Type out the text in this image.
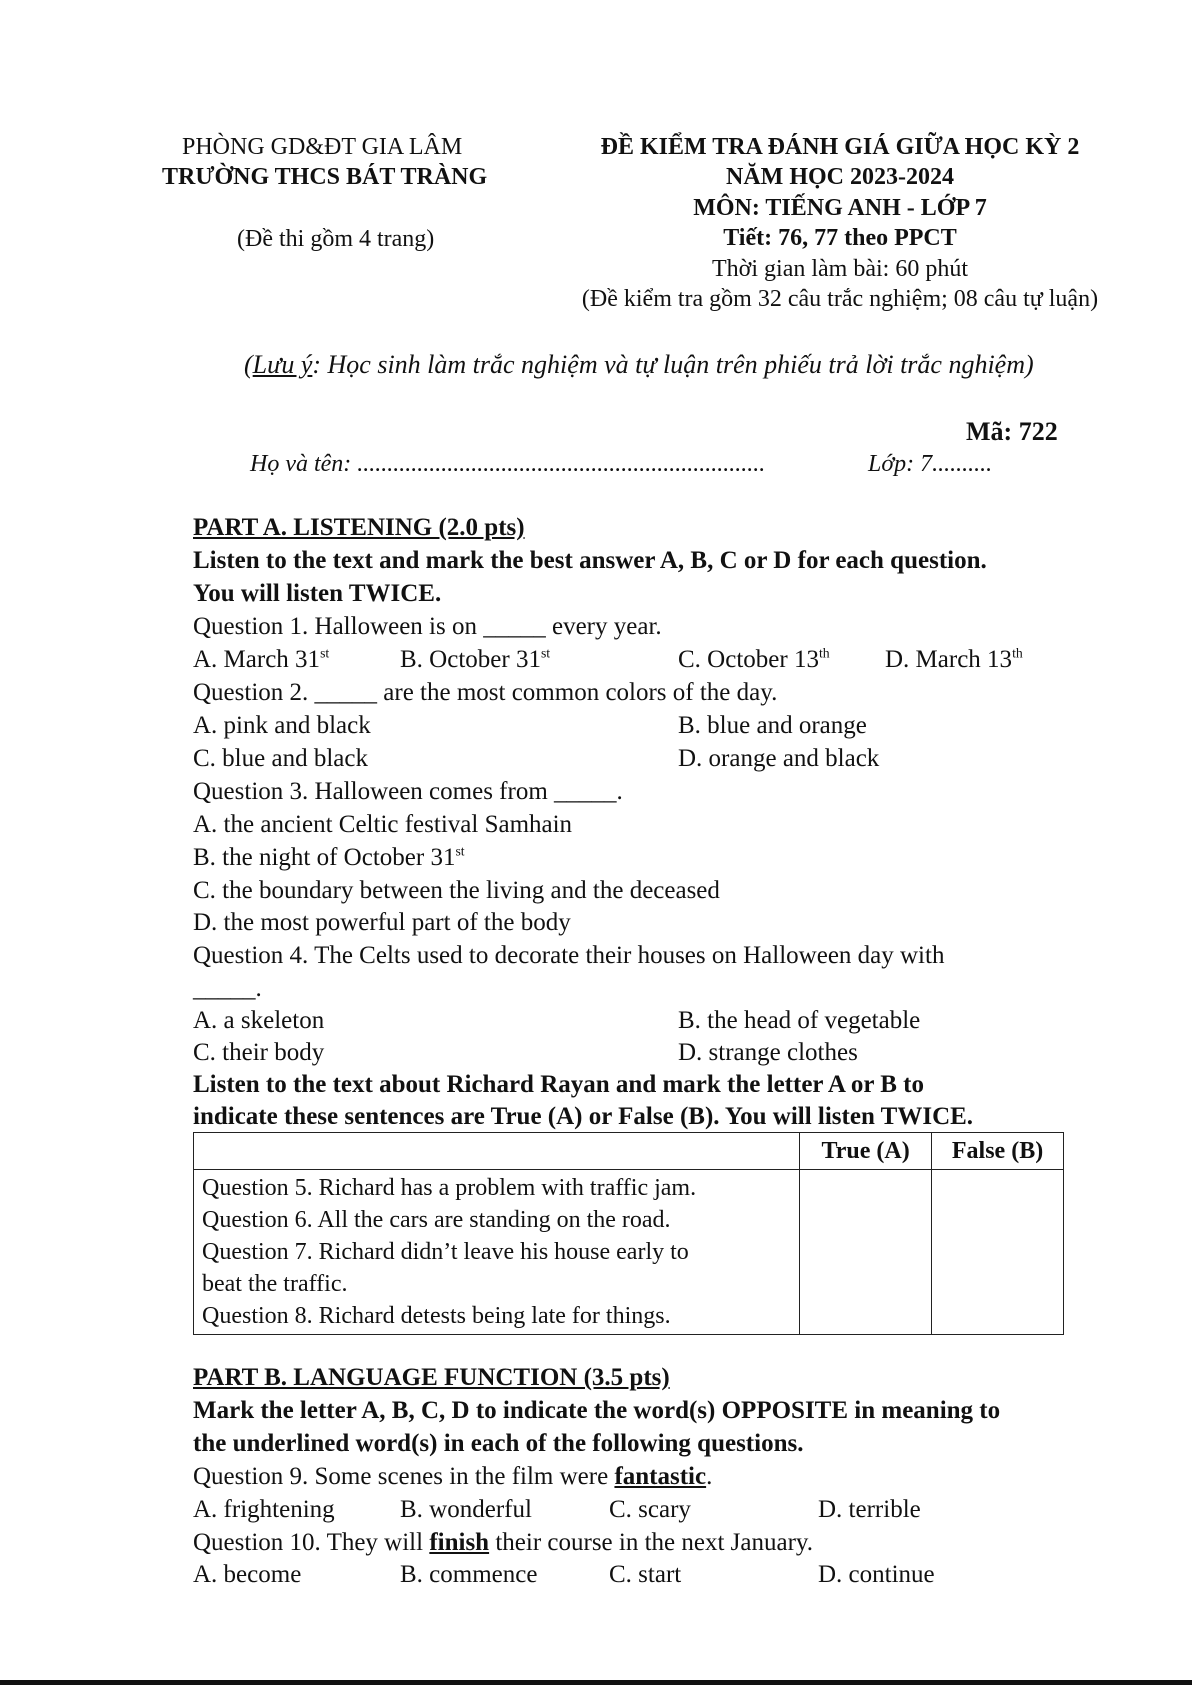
PHÒNG GD&ĐT GIA LÂM
TRƯỜNG THCS BÁT TRÀNG
(Đề thi gồm 4 trang)
ĐỀ KIỂM TRA ĐÁNH GIÁ GIỮA HỌC KỲ 2
NĂM HỌC 2023-2024
MÔN: TIẾNG ANH - LỚP 7
Tiết: 76, 77 theo PPCT
Thời gian làm bài: 60 phút
(Đề kiểm tra gồm 32 câu trắc nghiệm; 08 câu tự luận)
(Lưu ý: Học sinh làm trắc nghiệm và tự luận trên phiếu trả lời trắc nghiệm)
Mã: 722
Họ và tên: ....................................................................	Lớp: 7..........
PART A. LISTENING (2.0 pts)
Listen to the text and mark the best answer A, B, C or D for each question.
You will listen TWICE.
Question 1. Halloween is on _____ every year.
A. March 31st	B. October 31st	C. October 13th D. March 13th
Question 2. _____ are the most common colors of the day.
A. pink and black	B. blue and orange
C. blue and black	D. orange and black
Question 3. Halloween comes from _____.
A. the ancient Celtic festival Samhain
B. the night of October 31st
C. the boundary between the living and the deceased
D. the most powerful part of the body
Question 4. The Celts used to decorate their houses on Halloween day with
_____.
A. a skeleton	B. the head of vegetable
C. their body	D. strange clothes
Listen to the text about Richard Rayan and mark the letter A or B to
indicate these sentences are True (A) or False (B). You will listen TWICE.
	True (A)	False (B)

Question 5. Richard has a problem with traffic jam.
Question 6. All the cars are standing on the road.
Question 7. Richard didn’t leave his house early to
beat the traffic.
Question 8. Richard detests being late for things.		

PART B. LANGUAGE FUNCTION (3.5 pts)
Mark the letter A, B, C, D to indicate the word(s) OPPOSITE in meaning to
the underlined word(s) in each of the following questions.
Question 9. Some scenes in the film were fantastic.
A. frightening	B. wonderful	C. scary	D. terrible
Question 10. They will finish their course in the next January.
A. become	B. commence	C. start	D. continue
